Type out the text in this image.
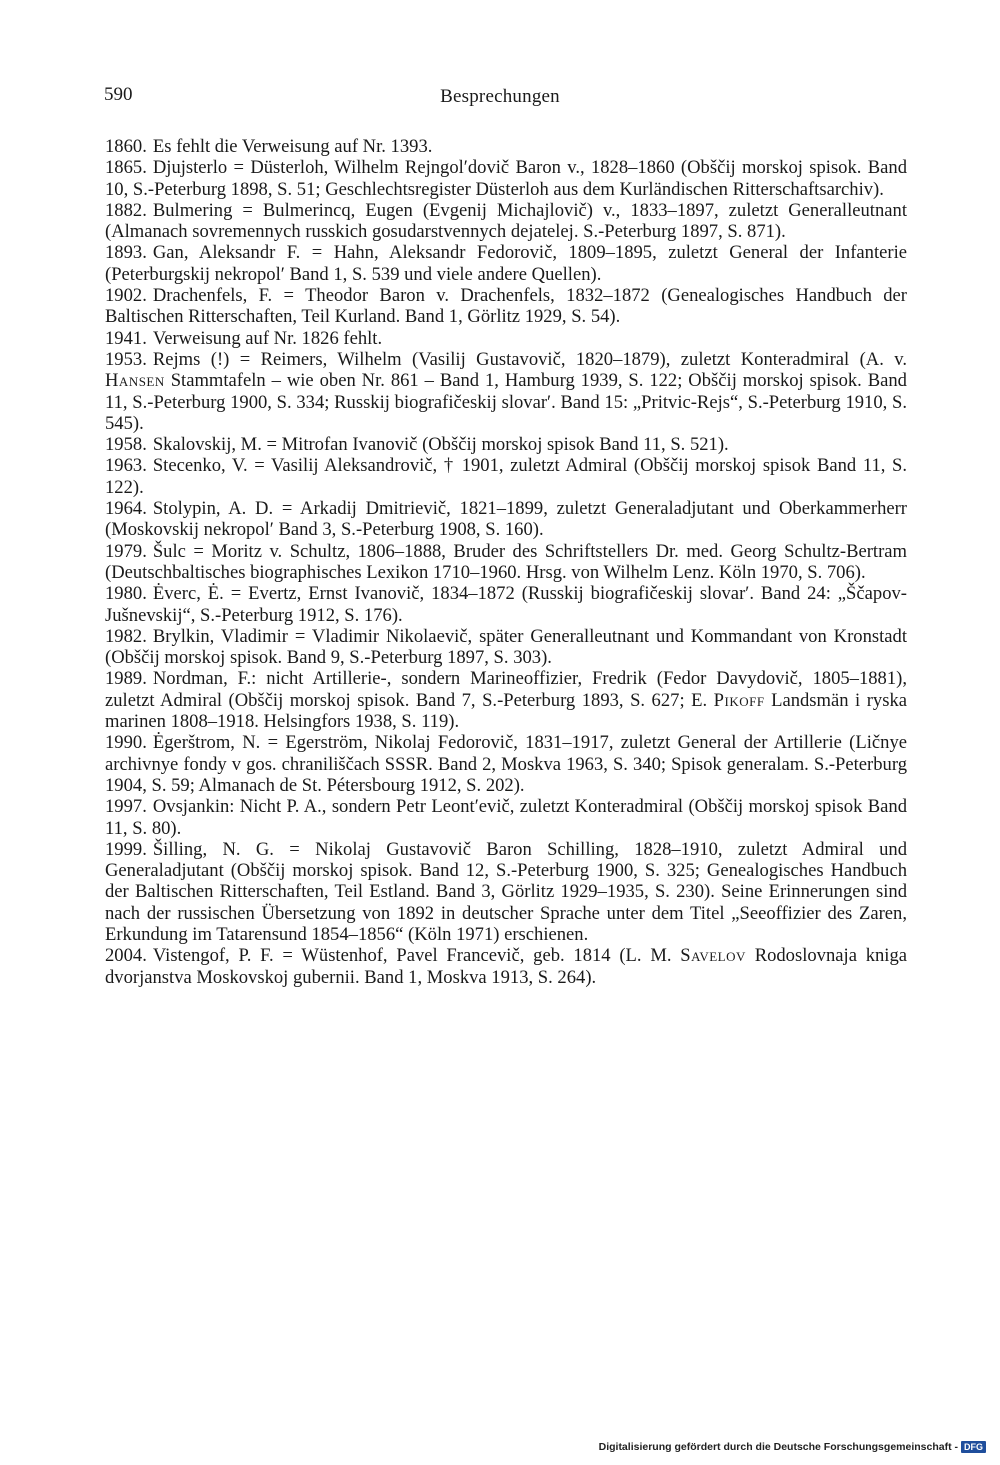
590	Besprechungen

1860. Es fehlt die Verweisung auf Nr. 1393.

1865. Djujsterlo = Düsterloh, Wilhelm Rejngolʹdovič Baron v., 1828–1860 (Obščij morskoj spisok. Band 10, S.-Peterburg 1898, S. 51; Geschlechtsregister Düsterloh aus dem Kurländischen Ritterschaftsarchiv).

1882. Bulmering = Bulmerincq, Eugen (Evgenij Michajlovič) v., 1833–1897, zuletzt Generalleutnant (Almanach sovremennych russkich gosudarstvennych dejatelej. S.-Peterburg 1897, S. 871).

1893. Gan, Aleksandr F. = Hahn, Aleksandr Fedorovič, 1809–1895, zuletzt General der Infanterie (Peterburgskij nekropolʹ Band 1, S. 539 und viele andere Quellen).

1902. Drachenfels, F. = Theodor Baron v. Drachenfels, 1832–1872 (Genealogisches Handbuch der Baltischen Ritterschaften, Teil Kurland. Band 1, Görlitz 1929, S. 54).

1941. Verweisung auf Nr. 1826 fehlt.

1953. Rejms (!) = Reimers, Wilhelm (Vasilij Gustavovič, 1820–1879), zuletzt Konteradmiral (A. v. Hansen Stammtafeln – wie oben Nr. 861 – Band 1, Hamburg 1939, S. 122; Obščij morskoj spisok. Band 11, S.-Peterburg 1900, S. 334; Russkij biografičeskij slovarʹ. Band 15: „Pritvic-Rejs“, S.-Peterburg 1910, S. 545).

1958. Skalovskij, M. = Mitrofan Ivanovič (Obščij morskoj spisok Band 11, S. 521).

1963. Stecenko, V. = Vasilij Aleksandrovič, † 1901, zuletzt Admiral (Obščij morskoj spisok Band 11, S. 122).

1964. Stolypin, A. D. = Arkadij Dmitrievič, 1821–1899, zuletzt Generaladjutant und Oberkammerherr (Moskovskij nekropolʹ Band 3, S.-Peterburg 1908, S. 160).

1979. Šulc = Moritz v. Schultz, 1806–1888, Bruder des Schriftstellers Dr. med. Georg Schultz-Bertram (Deutschbaltisches biographisches Lexikon 1710–1960. Hrsg. von Wilhelm Lenz. Köln 1970, S. 706).

1980. Ėverc, Ė. = Evertz, Ernst Ivanovič, 1834–1872 (Russkij biografičeskij slovarʹ. Band 24: „Ščapov-Jušnevskij“, S.-Peterburg 1912, S. 176).

1982. Brylkin, Vladimir = Vladimir Nikolaevič, später Generalleutnant und Kommandant von Kronstadt (Obščij morskoj spisok. Band 9, S.-Peterburg 1897, S. 303).

1989. Nordman, F.: nicht Artillerie-, sondern Marineoffizier, Fredrik (Fedor Davydovič, 1805–1881), zuletzt Admiral (Obščij morskoj spisok. Band 7, S.-Peterburg 1893, S. 627; E. Pikoff Landsmän i ryska marinen 1808–1918. Helsingfors 1938, S. 119).

1990. Ėgerštrom, N. = Egerström, Nikolaj Fedorovič, 1831–1917, zuletzt General der Artillerie (Ličnye archivnye fondy v gos. chraniliščach SSSR. Band 2, Moskva 1963, S. 340; Spisok generalam. S.-Peterburg 1904, S. 59; Almanach de St. Pétersbourg 1912, S. 202).

1997. Ovsjankin: Nicht P. A., sondern Petr Leontʹevič, zuletzt Konteradmiral (Obščij morskoj spisok Band 11, S. 80).

1999. Šilling, N. G. = Nikolaj Gustavovič Baron Schilling, 1828–1910, zuletzt Admiral und Generaladjutant (Obščij morskoj spisok. Band 12, S.-Peterburg 1900, S. 325; Genealogisches Handbuch der Baltischen Ritterschaften, Teil Estland. Band 3, Görlitz 1929–1935, S. 230). Seine Erinnerungen sind nach der russischen Übersetzung von 1892 in deutscher Sprache unter dem Titel „Seeoffizier des Zaren, Erkundung im Tatarensund 1854–1856“ (Köln 1971) erschienen.

2004. Vistengof, P. F. = Wüstenhof, Pavel Francevič, geb. 1814 (L. M. Savelov Rodoslovnaja kniga dvorjanstva Moskovskoj gubernii. Band 1, Moskva 1913, S. 264).

Digitalisierung gefördert durch die Deutsche Forschungsgemeinschaft - DFG
